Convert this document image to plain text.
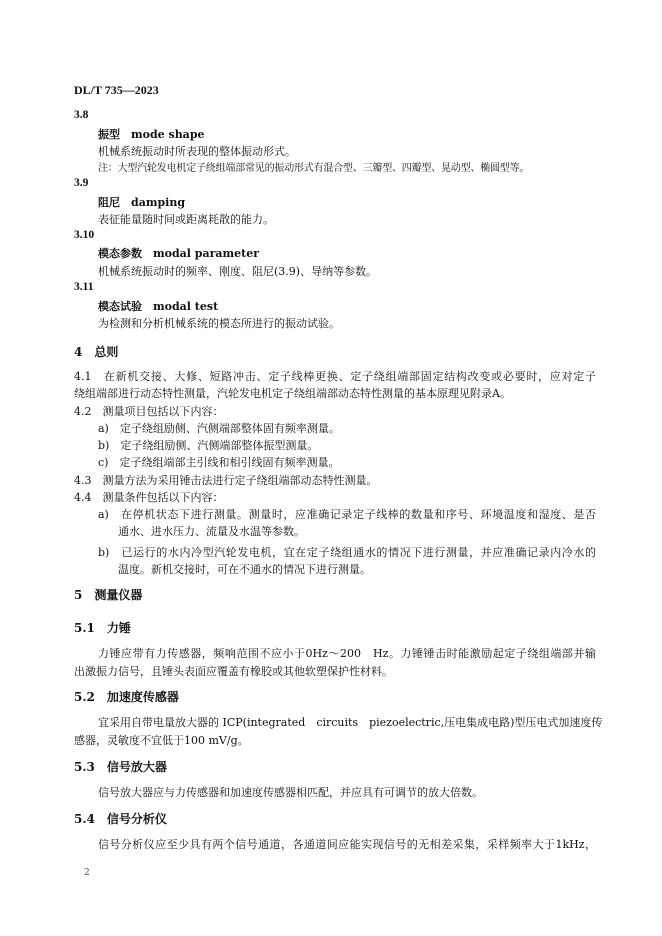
DL/T 735—2023
3.8
振型　mode shape
机械系统振动时所表现的整体振动形式。
注：大型汽轮发电机定子绕组端部常见的振动形式有混合型、三瓣型、四瓣型、晃动型、椭圆型等。
3.9
阻尼　damping
表征能量随时间或距离耗散的能力。
3.10
模态参数　modal parameter
机械系统振动时的频率、刚度、阻尼(3.9)、导纳等参数。
3.11
模态试验　modal test
为检测和分析机械系统的模态所进行的振动试验。
4　总则
4.1　在新机交接、大修、短路冲击、定子线棒更换、定子绕组端部固定结构改变或必要时，应对定子
绕组端部进行动态特性测量，汽轮发电机定子绕组端部动态特性测量的基本原理见附录A。
4.2　测量项目包括以下内容：
a)　定子绕组励侧、汽侧端部整体固有频率测量。
b)　定子绕组励侧、汽侧端部整体振型测量。
c)　定子绕组端部主引线和相引线固有频率测量。
4.3　测量方法为采用锤击法进行定子绕组端部动态特性测量。
4.4　测量条件包括以下内容：
a)　在停机状态下进行测量。测量时，应准确记录定子线棒的数量和序号、环境温度和湿度、是否
通水、进水压力、流量及水温等参数。
b)　已运行的水内冷型汽轮发电机，宜在定子绕组通水的情况下进行测量，并应准确记录内冷水的
温度。新机交接时，可在不通水的情况下进行测量。
5　测量仪器
5.1　力锤
力锤应带有力传感器，频响范围不应小于0Hz～200　Hz。力锤锤击时能激励起定子绕组端部并输
出激振力信号，且锤头表面应覆盖有橡胶或其他软塑保护性材料。
5.2　加速度传感器
宜采用自带电量放大器的 ICP(integrated　circuits　piezoelectric,压电集成电路)型压电式加速度传
感器，灵敏度不宜低于100 mV/g。
5.3　信号放大器
信号放大器应与力传感器和加速度传感器相匹配，并应具有可调节的放大倍数。
5.4　信号分析仪
信号分析仪应至少具有两个信号通道，各通道间应能实现信号的无相差采集，采样频率大于1kHz，
2
